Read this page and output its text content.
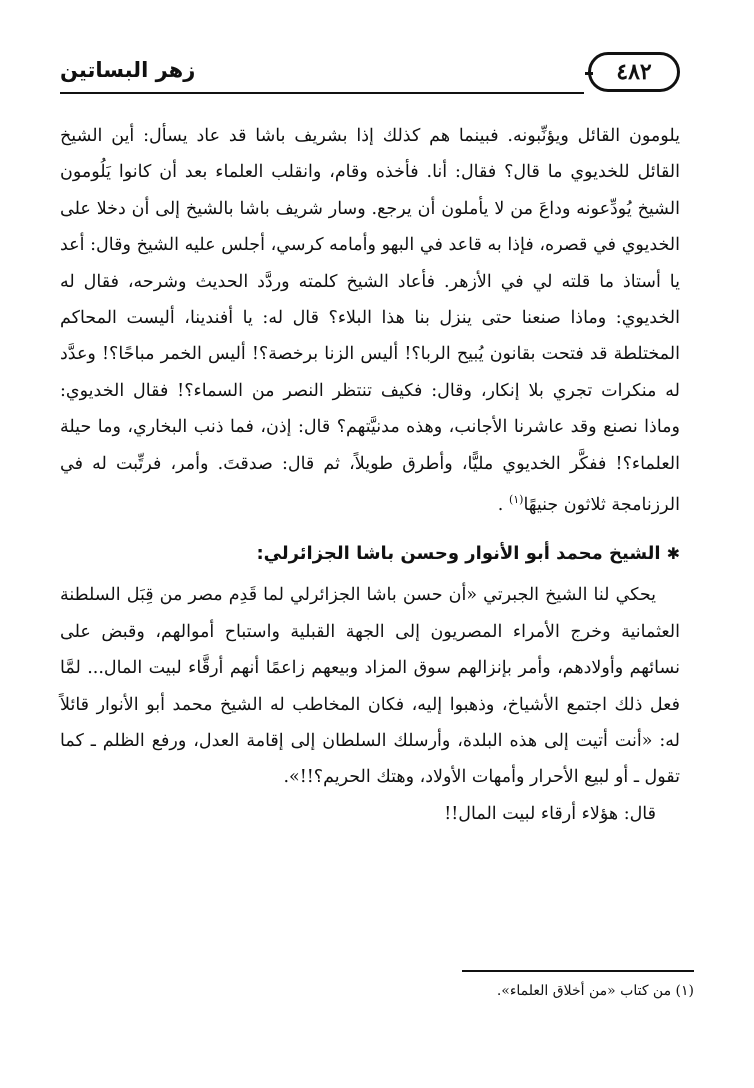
٤٨٢
زهر البساتين

يلومون القائل ويؤنِّبونه. فبينما هم كذلك إذا بشريف باشا قد عاد يسأل: أين الشيخ القائل للخديوي ما قال؟ فقال: أنا. فأخذه وقام، وانقلب العلماء بعد أن كانوا يَلُومون الشيخ يُودِّعونه وداعَ من لا يأملون أن يرجع. وسار شريف باشا بالشيخ إلى أن دخلا على الخديوي في قصره، فإذا به قاعد في البهو وأمامه كرسي، أجلس عليه الشيخ وقال: أعد يا أستاذ ما قلته لي في الأزهر. فأعاد الشيخ كلمته وردَّد الحديث وشرحه، فقال له الخديوي: وماذا صنعنا حتى ينزل بنا هذا البلاء؟ قال له: يا أفندينا، أليست المحاكم المختلطة قد فتحت بقانون يُبيح الربا؟! أليس الزنا برخصة؟! أليس الخمر مباحًا؟! وعدَّد له منكرات تجري بلا إنكار، وقال: فكيف تنتظر النصر من السماء؟! فقال الخديوي: وماذا نصنع وقد عاشرنا الأجانب، وهذه مدنيَّتهم؟ قال: إذن، فما ذنب البخاري، وما حيلة العلماء؟! ففكَّر الخديوي مليًّا، وأطرق طويلاً، ثم قال: صدقتَ. وأمر، فرتِّبت له في الرزنامجة ثلاثون جنيهًا$^{(١)}$ .

✱
الشيخ محمد أبو الأنوار وحسن باشا الجزائرلي:

يحكي لنا الشيخ الجبرتي «أن حسن باشا الجزائرلي لما قَدِم مصر من قِبَل السلطنة العثمانية وخرج الأمراء المصريون إلى الجهة القبلية واستباح أموالهم، وقبض على نسائهم وأولادهم، وأمر بإنزالهم سوق المزاد وبيعهم زاعمًا أنهم أرقَّاء لبيت المال... لمَّا فعل ذلك اجتمع الأشياخ، وذهبوا إليه، فكان المخاطب له الشيخ محمد أبو الأنوار قائلاً له: «أنت أتيت إلى هذه البلدة، وأرسلك السلطان إلى إقامة العدل، ورفع الظلم ـ كما تقول ـ أو لبيع الأحرار وأمهات الأولاد، وهتك الحريم؟!!».

قال: هؤلاء أرقاء لبيت المال!!

(١) من كتاب «من أخلاق العلماء».
